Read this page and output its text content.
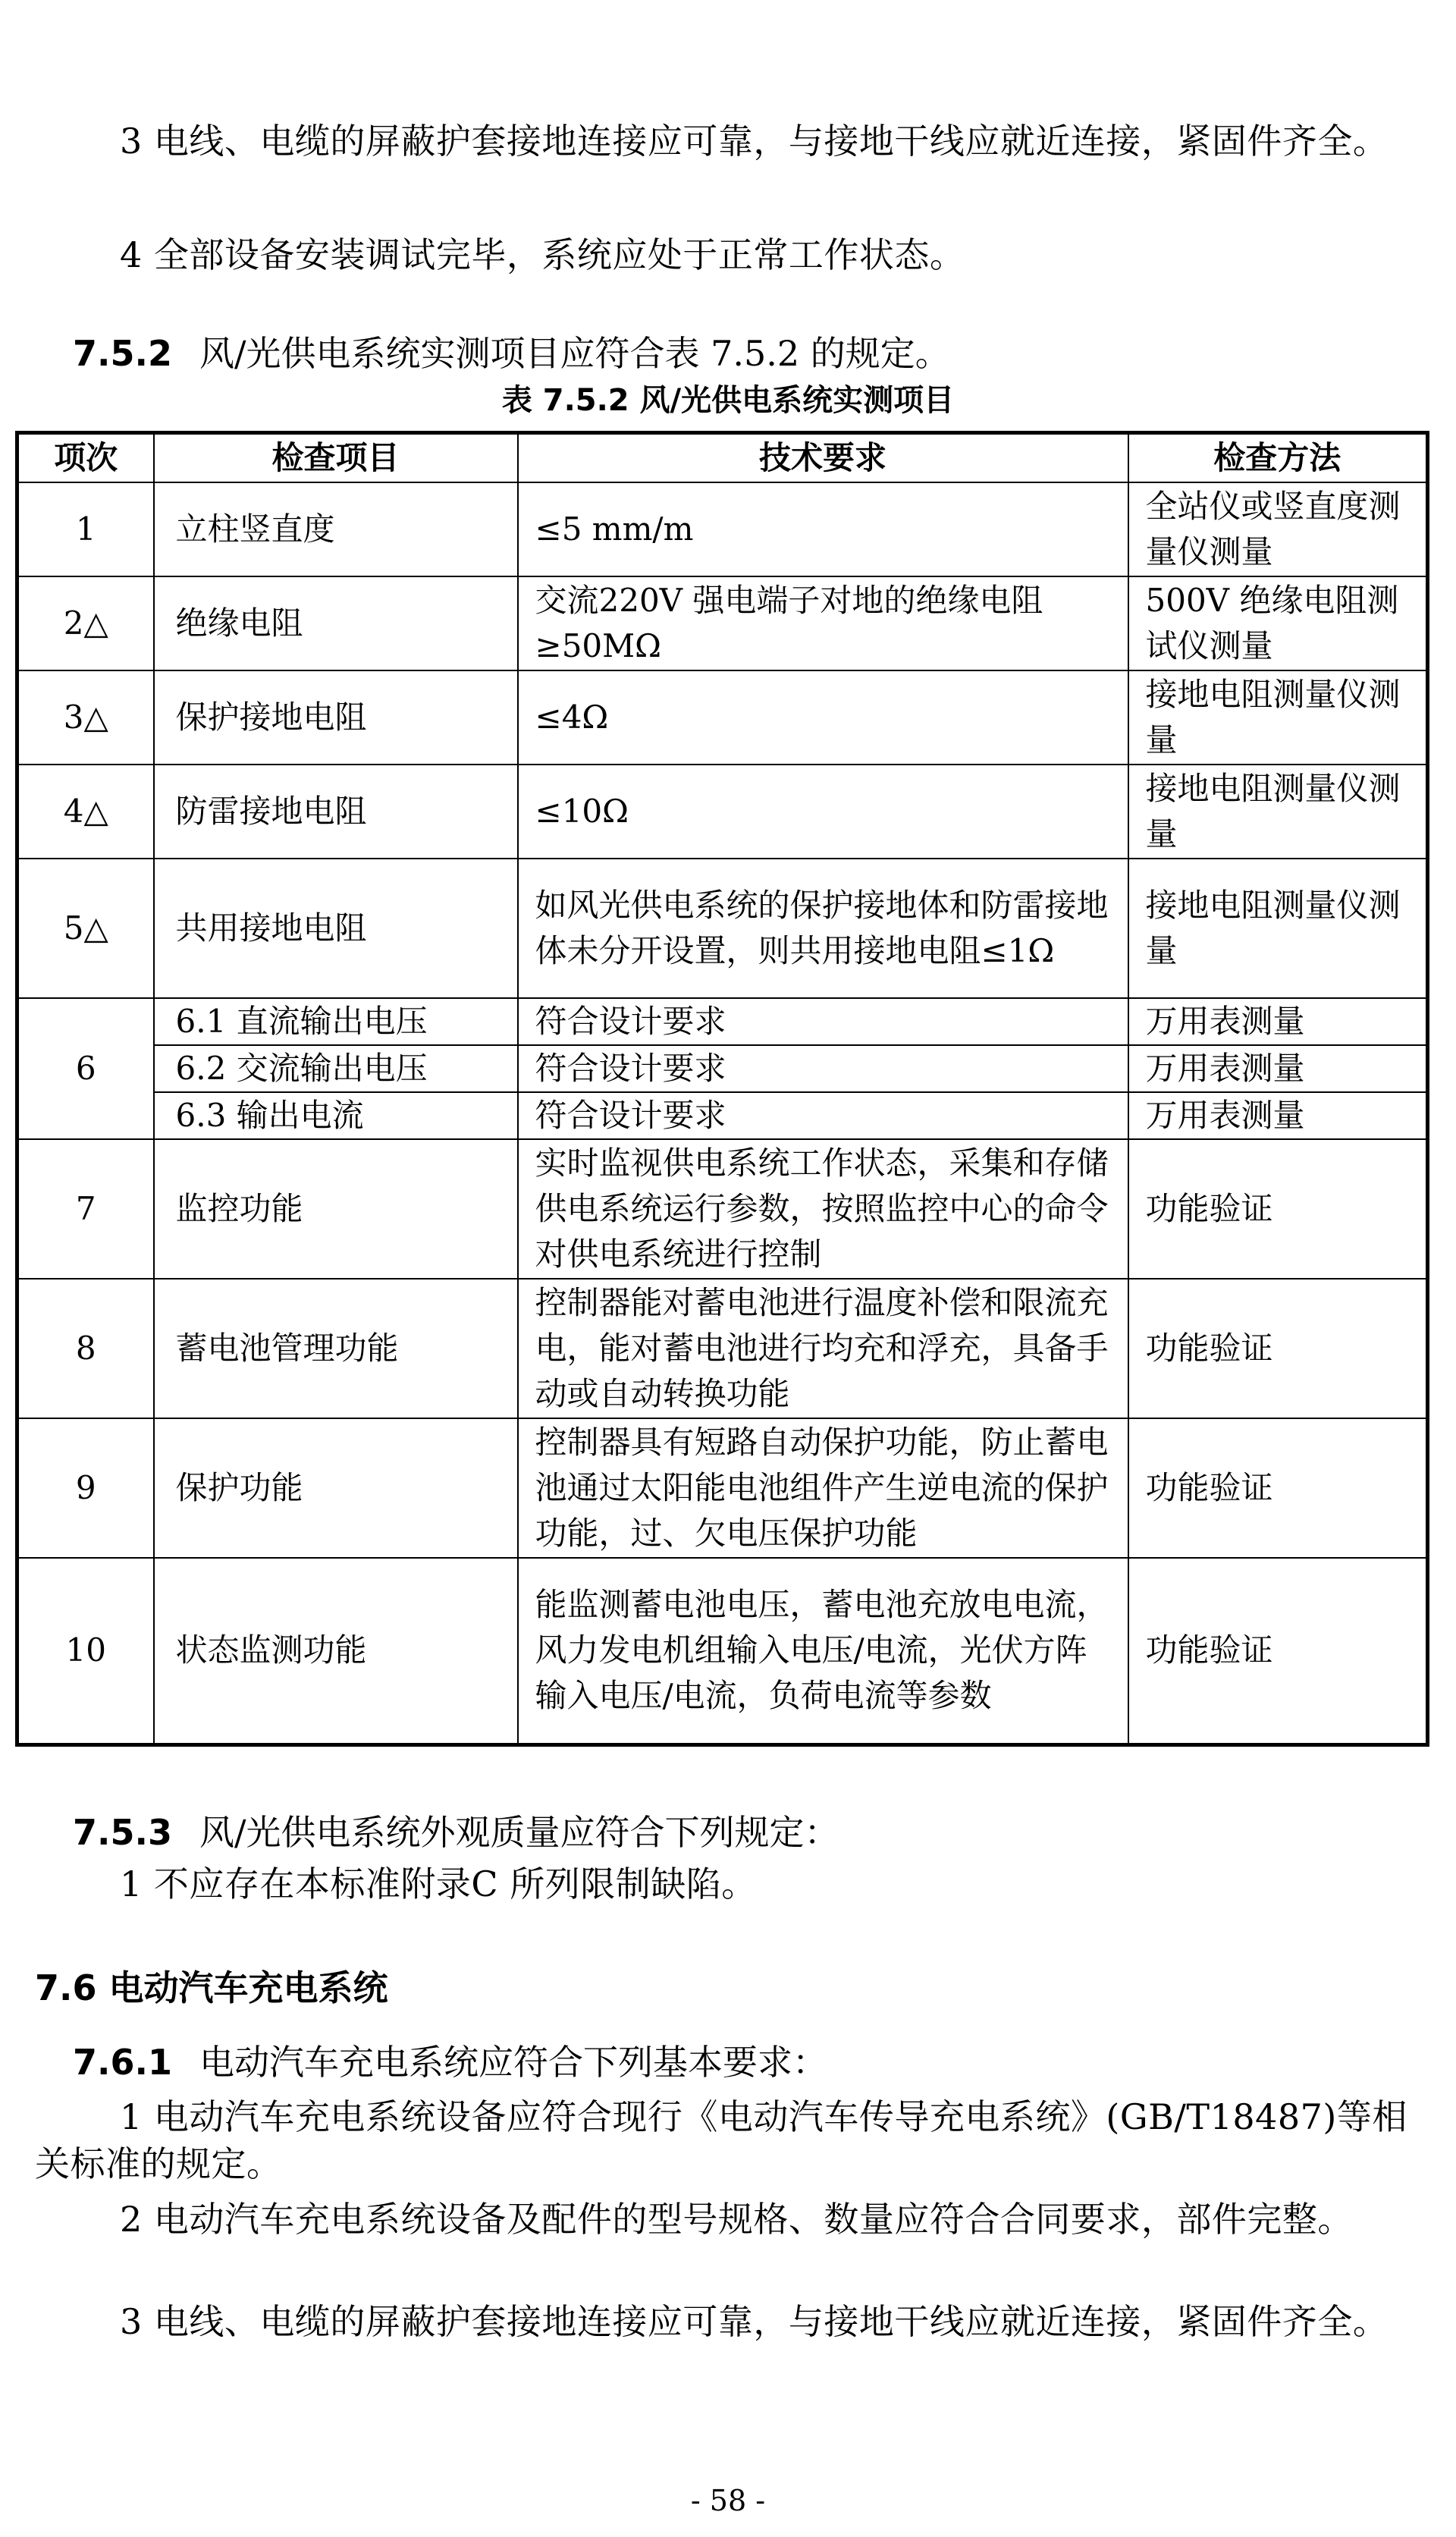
3 电线、电缆的屏蔽护套接地连接应可靠，与接地干线应就近连接，紧固件齐全。

4 全部设备安装调试完毕，系统应处于正常工作状态。

7.5.2 风/光供电系统实测项目应符合表 7.5.2 的规定。

表 7.5.2 风/光供电系统实测项目

项次	检查项目	技术要求	检查方法
1	立柱竖直度	≤5 mm/m	全站仪或竖直度测量仪测量
2△	绝缘电阻	交流220V 强电端子对地的绝缘电阻≥50MΩ	500V 绝缘电阻测试仪测量
3△	保护接地电阻	≤4Ω	接地电阻测量仪测量
4△	防雷接地电阻	≤10Ω	接地电阻测量仪测量
5△	共用接地电阻	如风光供电系统的保护接地体和防雷接地体未分开设置，则共用接地电阻≤1Ω	接地电阻测量仪测量
6	6.1 直流输出电压	符合设计要求	万用表测量
	6.2 交流输出电压	符合设计要求	万用表测量
	6.3 输出电流	符合设计要求	万用表测量
7	监控功能	实时监视供电系统工作状态，采集和存储供电系统运行参数，按照监控中心的命令对供电系统进行控制	功能验证
8	蓄电池管理功能	控制器能对蓄电池进行温度补偿和限流充电，能对蓄电池进行均充和浮充，具备手动或自动转换功能	功能验证
9	保护功能	控制器具有短路自动保护功能，防止蓄电池通过太阳能电池组件产生逆电流的保护功能，过、欠电压保护功能	功能验证
10	状态监测功能	能监测蓄电池电压，蓄电池充放电电流，风力发电机组输入电压/电流，光伏方阵输入电压/电流，负荷电流等参数	功能验证

7.5.3 风/光供电系统外观质量应符合下列规定：

1 不应存在本标准附录C 所列限制缺陷。

7.6 电动汽车充电系统

7.6.1 电动汽车充电系统应符合下列基本要求：

1 电动汽车充电系统设备应符合现行《电动汽车传导充电系统》(GB/T18487)等相关标准的规定。

2 电动汽车充电系统设备及配件的型号规格、数量应符合合同要求，部件完整。

3 电线、电缆的屏蔽护套接地连接应可靠，与接地干线应就近连接，紧固件齐全。

- 58 -
